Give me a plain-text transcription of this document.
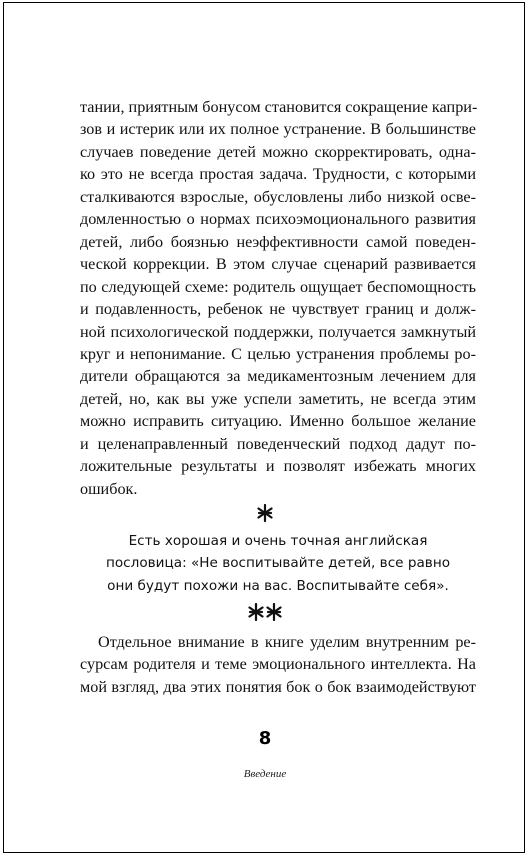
тании, приятным бонусом становится сокращение капри-
зов и истерик или их полное устранение. В большинстве
случаев поведение детей можно скорректировать, одна-
ко это не всегда простая задача. Трудности, с которыми
сталкиваются взрослые, обусловлены либо низкой осве-
домленностью о нормах психоэмоционального развития
детей, либо боязнью неэффективности самой поведен-
ческой коррекции. В этом случае сценарий развивается
по следующей схеме: родитель ощущает беспомощность
и подавленность, ребенок не чувствует границ и долж-
ной психологической поддержки, получается замкнутый
круг и непонимание. С целью устранения проблемы ро-
дители обращаются за медикаментозным лечением для
детей, но, как вы уже успели заметить, не всегда этим
можно исправить ситуацию. Именно большое желание
и целенаправленный поведенческий подход дадут по-
ложительные результаты и позволят избежать многих
ошибок.
Есть хорошая и очень точная английская
пословица: «Не воспитывайте детей, все равно
они будут похожи на вас. Воспитывайте себя».
Отдельное внимание в книге уделим внутренним ре-
сурсам родителя и теме эмоционального интеллекта. На
мой взгляд, два этих понятия бок о бок взаимодействуют
8
Введение
